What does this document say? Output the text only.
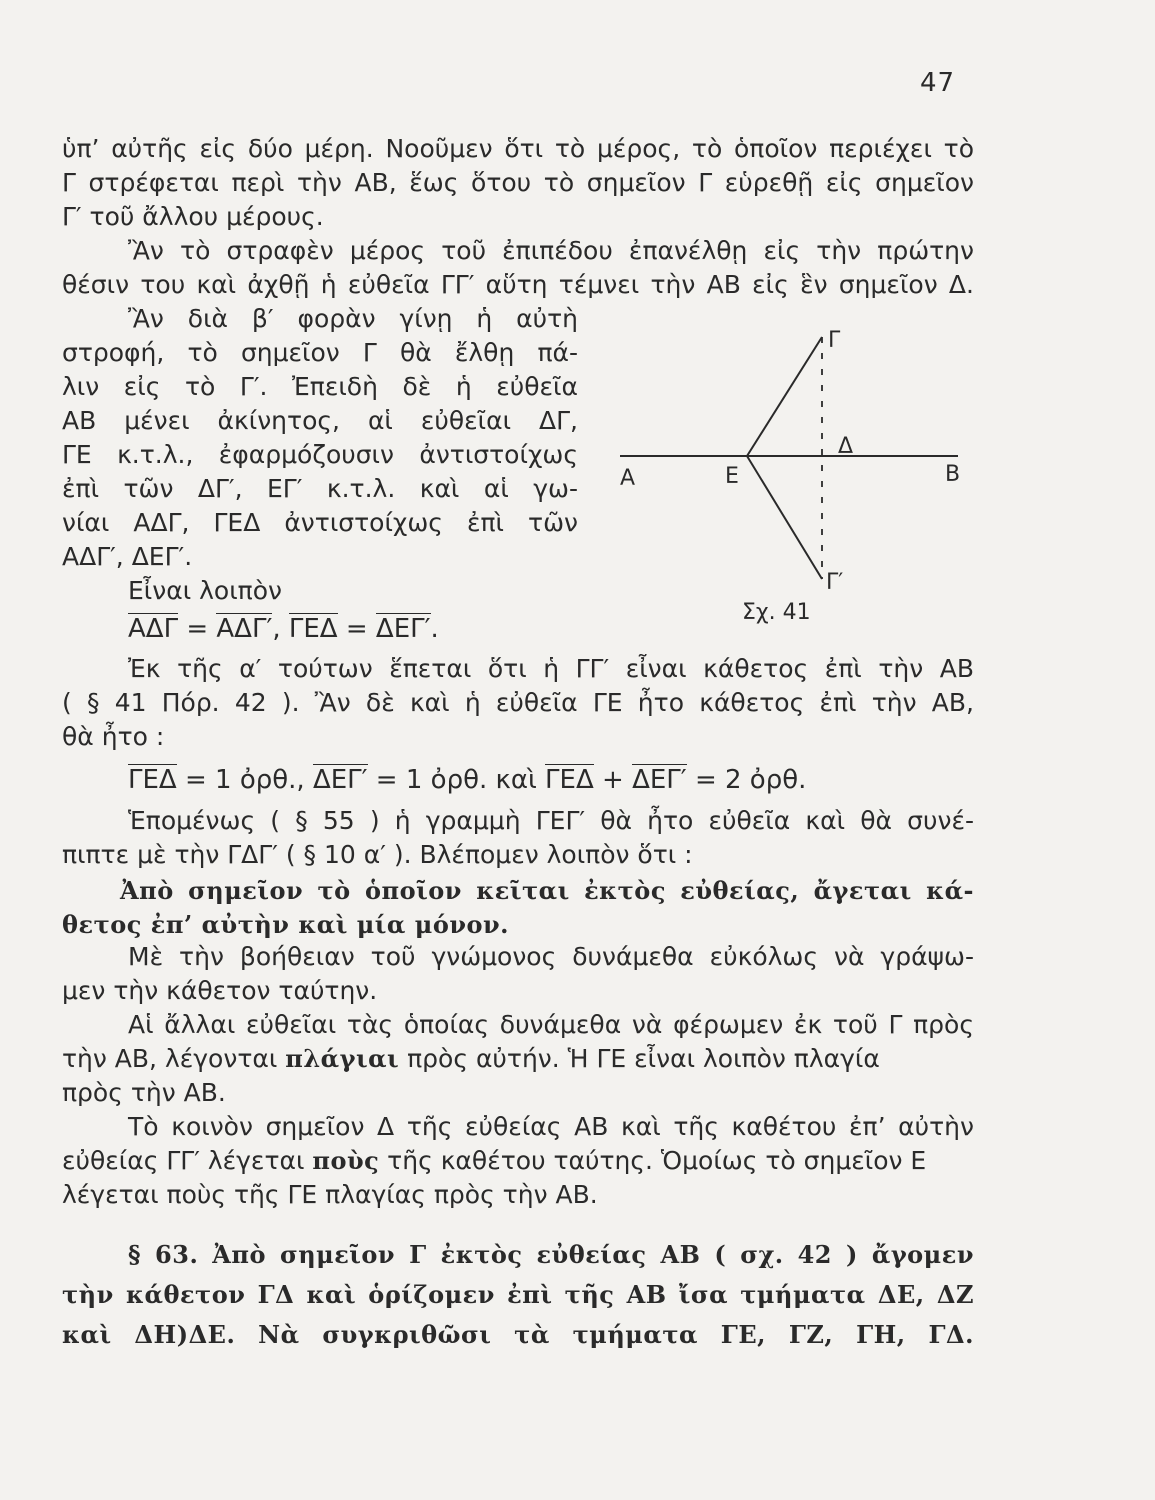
47
ὑπ’ αὐτῆς εἰς δύο μέρη. Νοοῦμεν ὅτι τὸ μέρος, τὸ ὁποῖον περιέχει τὸ
Γ στρέφεται περὶ τὴν ΑΒ, ἕως ὅτου τὸ σημεῖον Γ εὑρεθῇ εἰς σημεῖον
Γ′ τοῦ ἄλλου μέρους.
Ἂν τὸ στραφὲν μέρος τοῦ ἐπιπέδου ἐπανέλθῃ εἰς τὴν πρώτην
θέσιν του καὶ ἀχθῇ ἡ εὐθεῖα ΓΓ′ αὕτη τέμνει τὴν ΑΒ εἰς ἓν σημεῖον Δ.
Ἂν διὰ β′ φορὰν γίνῃ ἡ αὐτὴ
στροφή, τὸ σημεῖον Γ θὰ ἔλθῃ πά-
λιν εἰς τὸ Γ′. Ἐπειδὴ δὲ ἡ εὐθεῖα
ΑΒ μένει ἀκίνητος, αἱ εὐθεῖαι ΔΓ,
ΓΕ κ.τ.λ., ἐφαρμόζουσιν ἀντιστοίχως
ἐπὶ τῶν ΔΓ′, ΕΓ′ κ.τ.λ. καὶ αἱ γω-
νίαι ΑΔΓ, ΓΕΔ ἀντιστοίχως ἐπὶ τῶν
ΑΔΓ′, ΔΕΓ′.
Εἶναι λοιπὸν
ΑΔΓ = ΑΔΓ′, ΓΕΔ = ΔΕΓ′.
Α	Ε
Δ
Β
Γ
Γ′
Σχ. 41
Ἐκ τῆς α′ τούτων ἕπεται ὅτι ἡ ΓΓ′ εἶναι κάθετος ἐπὶ τὴν ΑΒ
( § 41 Πόρ. 42 ). Ἂν δὲ καὶ ἡ εὐθεῖα ΓΕ ἦτο κάθετος ἐπὶ τὴν ΑΒ,
θὰ ἦτο :
ΓΕΔ = 1 ὀρθ., ΔΕΓ′ = 1 ὀρθ. καὶ ΓΕΔ + ΔΕΓ′ = 2 ὀρθ.
Ἑπομένως ( § 55 ) ἡ γραμμὴ ΓΕΓ′ θὰ ἦτο εὐθεῖα καὶ θὰ συνέ-
πιπτε μὲ τὴν ΓΔΓ′ ( § 10 α′ ). Βλέπομεν λοιπὸν ὅτι :
Ἀπὸ σημεῖον τὸ ὁποῖον κεῖται ἐκτὸς εὐθείας, ἄγεται κά-
θετος ἐπ’ αὐτὴν καὶ μία μόνον.
Μὲ τὴν βοήθειαν τοῦ γνώμονος δυνάμεθα εὐκόλως νὰ γράψω-
μεν τὴν κάθετον ταύτην.
Αἱ ἄλλαι εὐθεῖαι τὰς ὁποίας δυνάμεθα νὰ φέρωμεν ἐκ τοῦ Γ πρὸς
τὴν ΑΒ, λέγονται πλάγιαι πρὸς αὐτήν. Ἡ ΓΕ εἶναι λοιπὸν πλαγία
πρὸς τὴν ΑΒ.
Τὸ κοινὸν σημεῖον Δ τῆς εὐθείας ΑΒ καὶ τῆς καθέτου ἐπ’ αὐτὴν
εὐθείας ΓΓ′ λέγεται ποὺς τῆς καθέτου ταύτης. Ὁμοίως τὸ σημεῖον Ε
λέγεται ποὺς τῆς ΓΕ πλαγίας πρὸς τὴν ΑΒ.
§ 63. Ἀπὸ σημεῖον Γ ἐκτὸς εὐθείας ΑΒ ( σχ. 42 ) ἄγομεν
τὴν κάθετον ΓΔ καὶ ὁρίζομεν ἐπὶ τῆς ΑΒ ἴσα τμήματα ΔΕ, ΔΖ
καὶ ΔΗ)ΔΕ. Νὰ συγκριθῶσι τὰ τμήματα ΓΕ, ΓΖ, ΓΗ, ΓΔ.
